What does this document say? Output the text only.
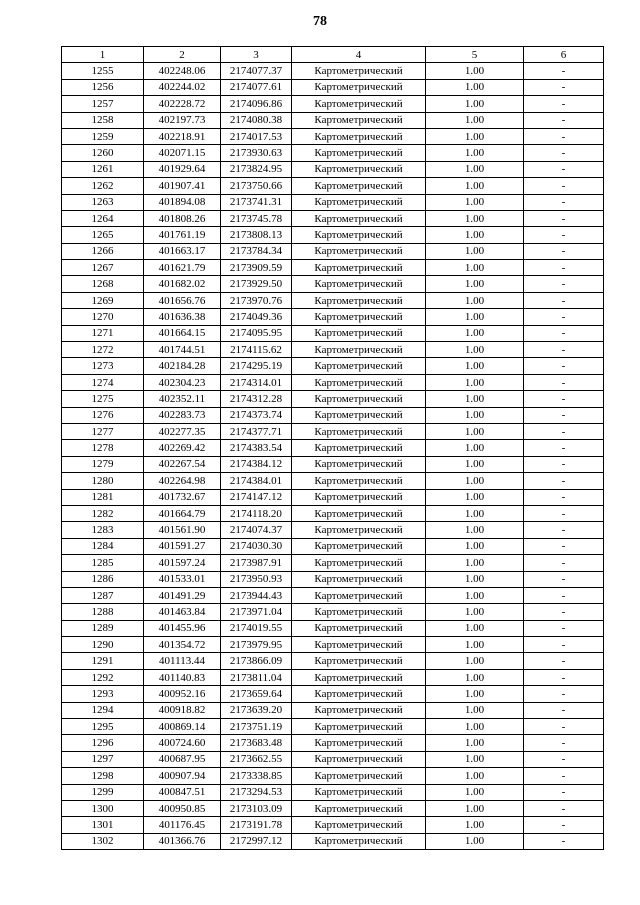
78
1	2	3	4	5	6
1255	402248.06	2174077.37	Картометрический	1.00	-
1256	402244.02	2174077.61	Картометрический	1.00	-
1257	402228.72	2174096.86	Картометрический	1.00	-
1258	402197.73	2174080.38	Картометрический	1.00	-
1259	402218.91	2174017.53	Картометрический	1.00	-
1260	402071.15	2173930.63	Картометрический	1.00	-
1261	401929.64	2173824.95	Картометрический	1.00	-
1262	401907.41	2173750.66	Картометрический	1.00	-
1263	401894.08	2173741.31	Картометрический	1.00	-
1264	401808.26	2173745.78	Картометрический	1.00	-
1265	401761.19	2173808.13	Картометрический	1.00	-
1266	401663.17	2173784.34	Картометрический	1.00	-
1267	401621.79	2173909.59	Картометрический	1.00	-
1268	401682.02	2173929.50	Картометрический	1.00	-
1269	401656.76	2173970.76	Картометрический	1.00	-
1270	401636.38	2174049.36	Картометрический	1.00	-
1271	401664.15	2174095.95	Картометрический	1.00	-
1272	401744.51	2174115.62	Картометрический	1.00	-
1273	402184.28	2174295.19	Картометрический	1.00	-
1274	402304.23	2174314.01	Картометрический	1.00	-
1275	402352.11	2174312.28	Картометрический	1.00	-
1276	402283.73	2174373.74	Картометрический	1.00	-
1277	402277.35	2174377.71	Картометрический	1.00	-
1278	402269.42	2174383.54	Картометрический	1.00	-
1279	402267.54	2174384.12	Картометрический	1.00	-
1280	402264.98	2174384.01	Картометрический	1.00	-
1281	401732.67	2174147.12	Картометрический	1.00	-
1282	401664.79	2174118.20	Картометрический	1.00	-
1283	401561.90	2174074.37	Картометрический	1.00	-
1284	401591.27	2174030.30	Картометрический	1.00	-
1285	401597.24	2173987.91	Картометрический	1.00	-
1286	401533.01	2173950.93	Картометрический	1.00	-
1287	401491.29	2173944.43	Картометрический	1.00	-
1288	401463.84	2173971.04	Картометрический	1.00	-
1289	401455.96	2174019.55	Картометрический	1.00	-
1290	401354.72	2173979.95	Картометрический	1.00	-
1291	401113.44	2173866.09	Картометрический	1.00	-
1292	401140.83	2173811.04	Картометрический	1.00	-
1293	400952.16	2173659.64	Картометрический	1.00	-
1294	400918.82	2173639.20	Картометрический	1.00	-
1295	400869.14	2173751.19	Картометрический	1.00	-
1296	400724.60	2173683.48	Картометрический	1.00	-
1297	400687.95	2173662.55	Картометрический	1.00	-
1298	400907.94	2173338.85	Картометрический	1.00	-
1299	400847.51	2173294.53	Картометрический	1.00	-
1300	400950.85	2173103.09	Картометрический	1.00	-
1301	401176.45	2173191.78	Картометрический	1.00	-
1302	401366.76	2172997.12	Картометрический	1.00	-
